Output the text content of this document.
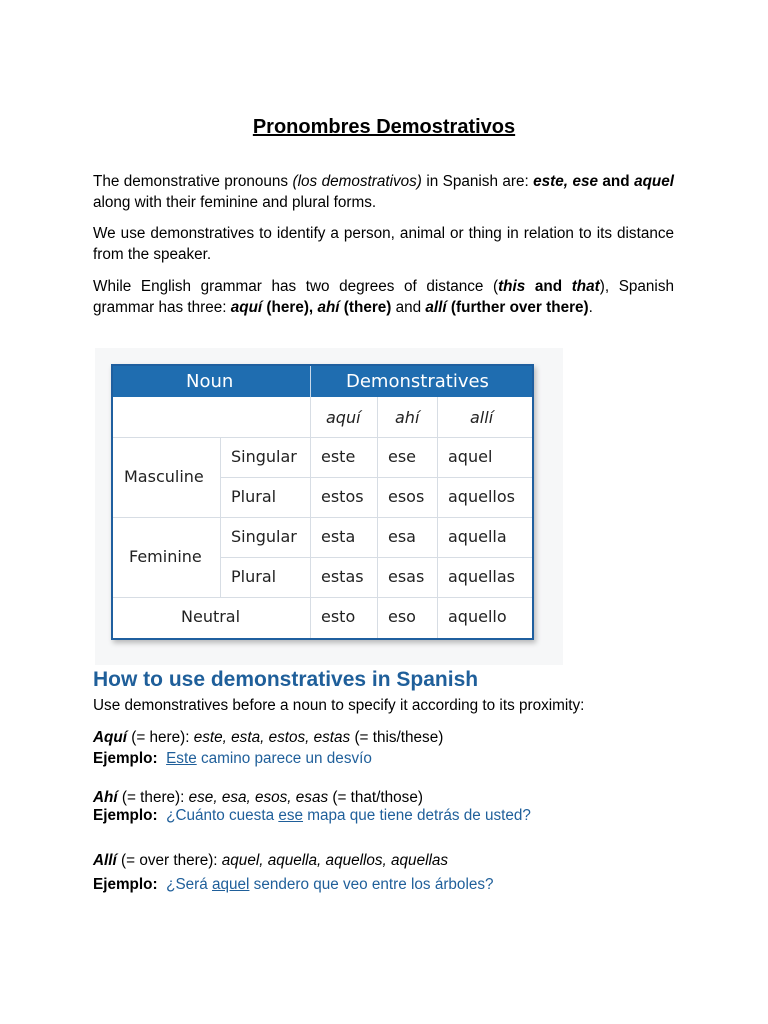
Pronombres Demostrativos

The demonstrative pronouns (los demostrativos) in Spanish are: este, ese and aquel along with their feminine and plural forms.

We use demonstratives to identify a person, animal or thing in relation to its distance from the speaker.

While English grammar has two degrees of distance (this and that), Spanish grammar has three: aquí (here), ahí (there) and allí (further over there).

Noun	Demonstratives
aquí ahí	allí
Masculine
Feminine
Neutral
Singular
Plural
Singular
Plural
este ese aquel
estos esos aquellos
esta esa aquella
estas esas aquellas
esto eso aquello
How to use demonstratives in Spanish
Use demonstratives before a noun to specify it according to its proximity:
Aquí (= here): este, esta, estos, estas (= this/these)
Ejemplo: Este camino parece un desvío
Ahí (= there): ese, esa, esos, esas (= that/those)
Ejemplo: ¿Cuánto cuesta ese mapa que tiene detrás de usted?
Allí (= over there): aquel, aquella, aquellos, aquellas
Ejemplo: ¿Será aquel sendero que veo entre los árboles?
